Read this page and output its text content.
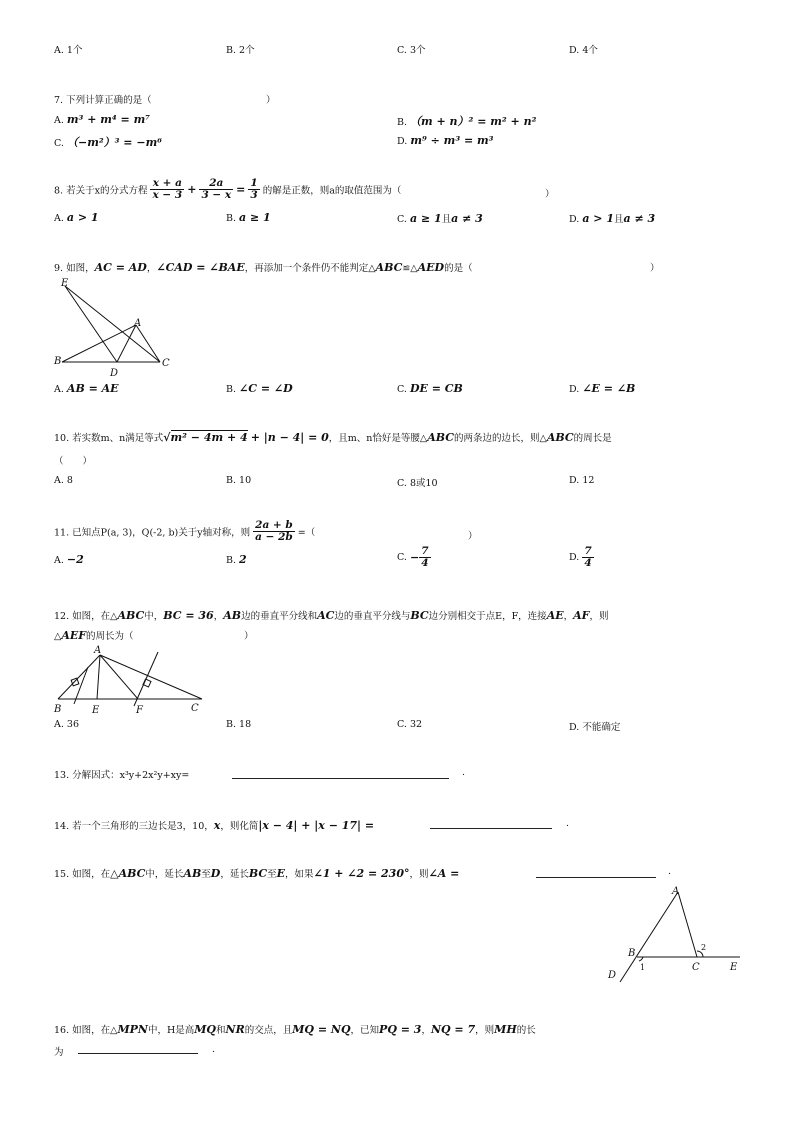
A. 1个	B. 2个	C. 3个	D. 4个
7. 下列计算正确的是（	）
A. m³ + m⁴ = m⁷	B. （m + n）² = m² + n²
C. （−m²）³ = −m⁶	D. m⁹ ÷ m³ = m³
8. 若关于x的分式方程 $\frac{x + a}{x - 3} + \frac{2a}{3 - x} = \frac{1}{3}$ 的解是正数，则a的取值范围为（	）
A. a > 1	B. a ≥ 1	C. a ≥ 1且a ≠ 3	D. a > 1且a ≠ 3
9. 如图，AC = AD，∠CAD = ∠BAE，再添加一个条件仍不能判定△ABC≌△AED的是（	）
E
A
B
D
C
A. AB = AE	B. ∠C = ∠D	C. DE = CB	D. ∠E = ∠B
10. 若实数m、n满足等式√m² − 4m + 4 + |n − 4| = 0，且m、n恰好是等腰△ABC的两条边的边长，则△ABC的周长是
（　　）
A. 8	B. 10	C. 8或10	D. 12
11. 已知点P(a, 3)，Q(-2, b)关于y轴对称，则 $\frac{2a + b}{a - 2b}$ =（	）
A. −2	B. 2	C. − $\frac{7}{4}$	D. $\frac{7}{4}$
12. 如图，在△ABC中，BC = 36，AB边的垂直平分线和AC边的垂直平分线与BC边分别相交于点E，F，连接AE，AF，则
△AEF的周长为（	）
A
B	E	F	C
A. 36	B. 18	C. 32	D. 不能确定
13. 分解因式：x³y+2x²y+xy=	.
14. 若一个三角形的三边长是3，10，x，则化简|x − 4| + |x − 17| =	.
15. 如图，在△ABC中，延长AB至D，延长BC至E，如果∠1 + ∠2 = 230°，则∠A =	.
A
B
C
D
E
1
2
16. 如图，在△MPN中，H是高MQ和NR的交点，且MQ = NQ，已知PQ = 3，NQ = 7，则MH的长
为	.
